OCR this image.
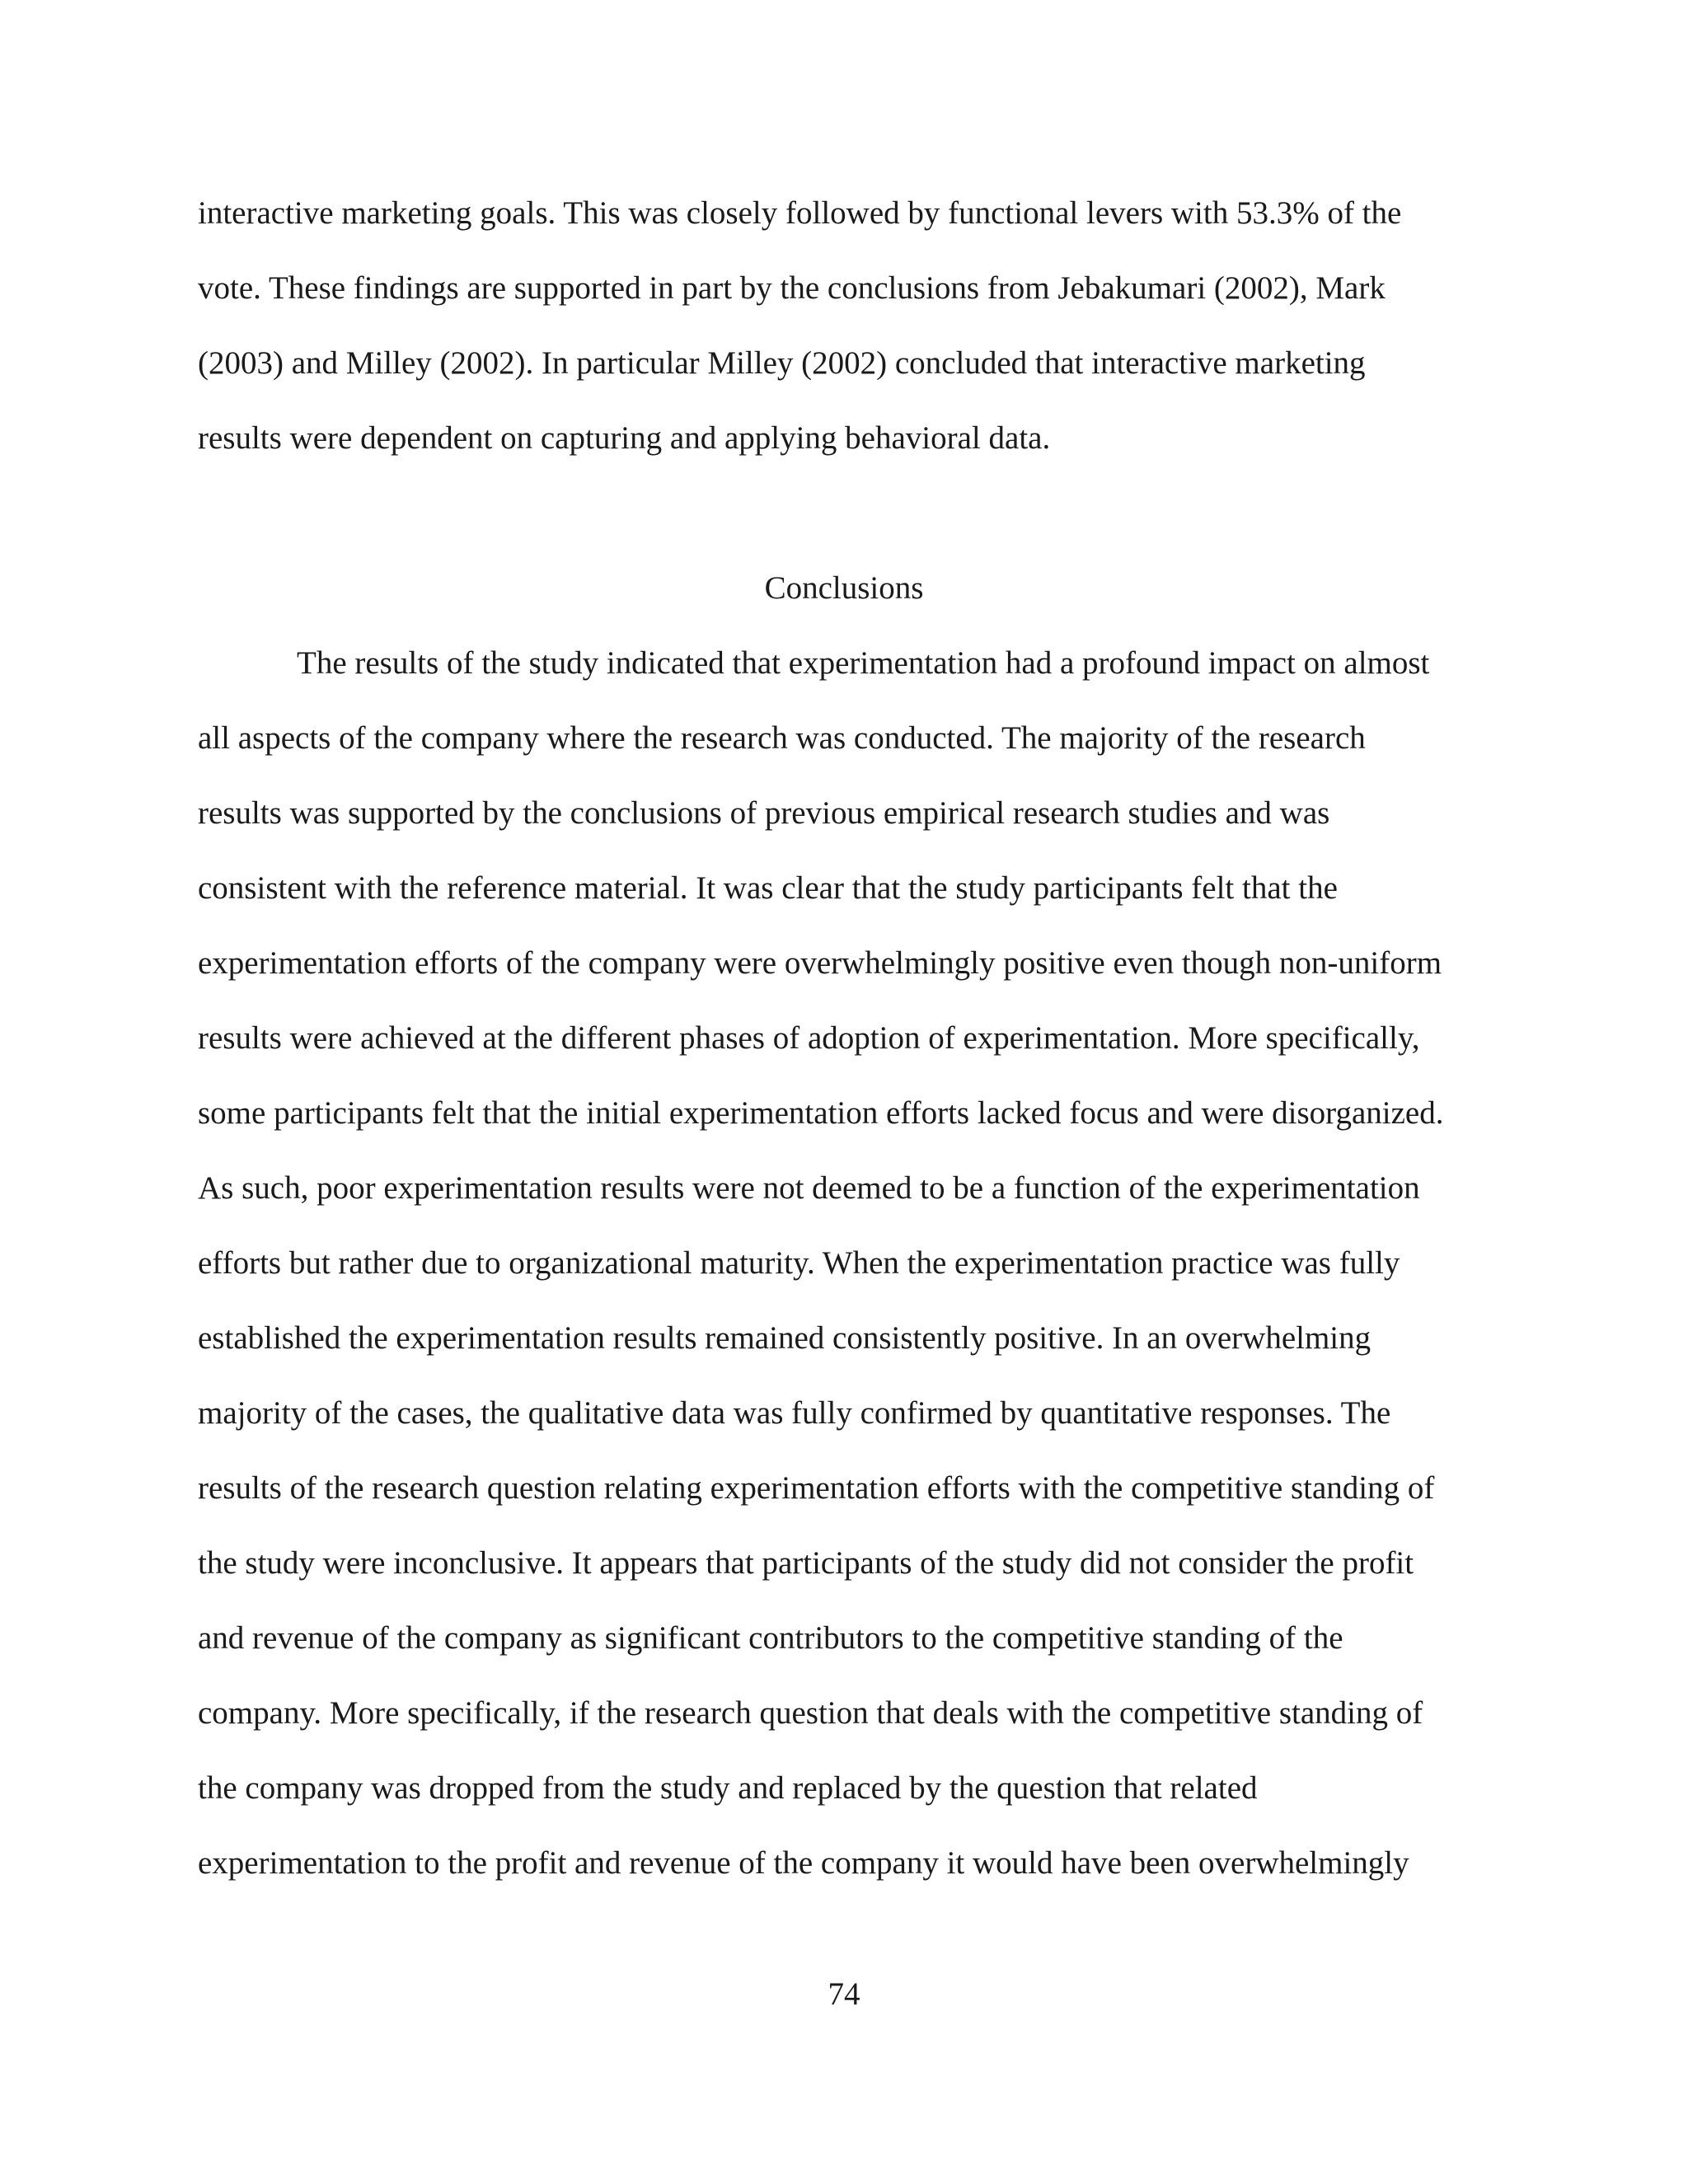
interactive marketing goals. This was closely followed by functional levers with 53.3% of the
vote. These findings are supported in part by the conclusions from Jebakumari (2002), Mark
(2003) and Milley (2002). In particular Milley (2002) concluded that interactive marketing
results were dependent on capturing and applying behavioral data.
Conclusions
The results of the study indicated that experimentation had a profound impact on almost
all aspects of the company where the research was conducted. The majority of the research
results was supported by the conclusions of previous empirical research studies and was
consistent with the reference material. It was clear that the study participants felt that the
experimentation efforts of the company were overwhelmingly positive even though non-uniform
results were achieved at the different phases of adoption of experimentation. More specifically,
some participants felt that the initial experimentation efforts lacked focus and were disorganized.
As such, poor experimentation results were not deemed to be a function of the experimentation
efforts but rather due to organizational maturity. When the experimentation practice was fully
established the experimentation results remained consistently positive. In an overwhelming
majority of the cases, the qualitative data was fully confirmed by quantitative responses. The
results of the research question relating experimentation efforts with the competitive standing of
the study were inconclusive. It appears that participants of the study did not consider the profit
and revenue of the company as significant contributors to the competitive standing of the
company. More specifically, if the research question that deals with the competitive standing of
the company was dropped from the study and replaced by the question that related
experimentation to the profit and revenue of the company it would have been overwhelmingly
74
